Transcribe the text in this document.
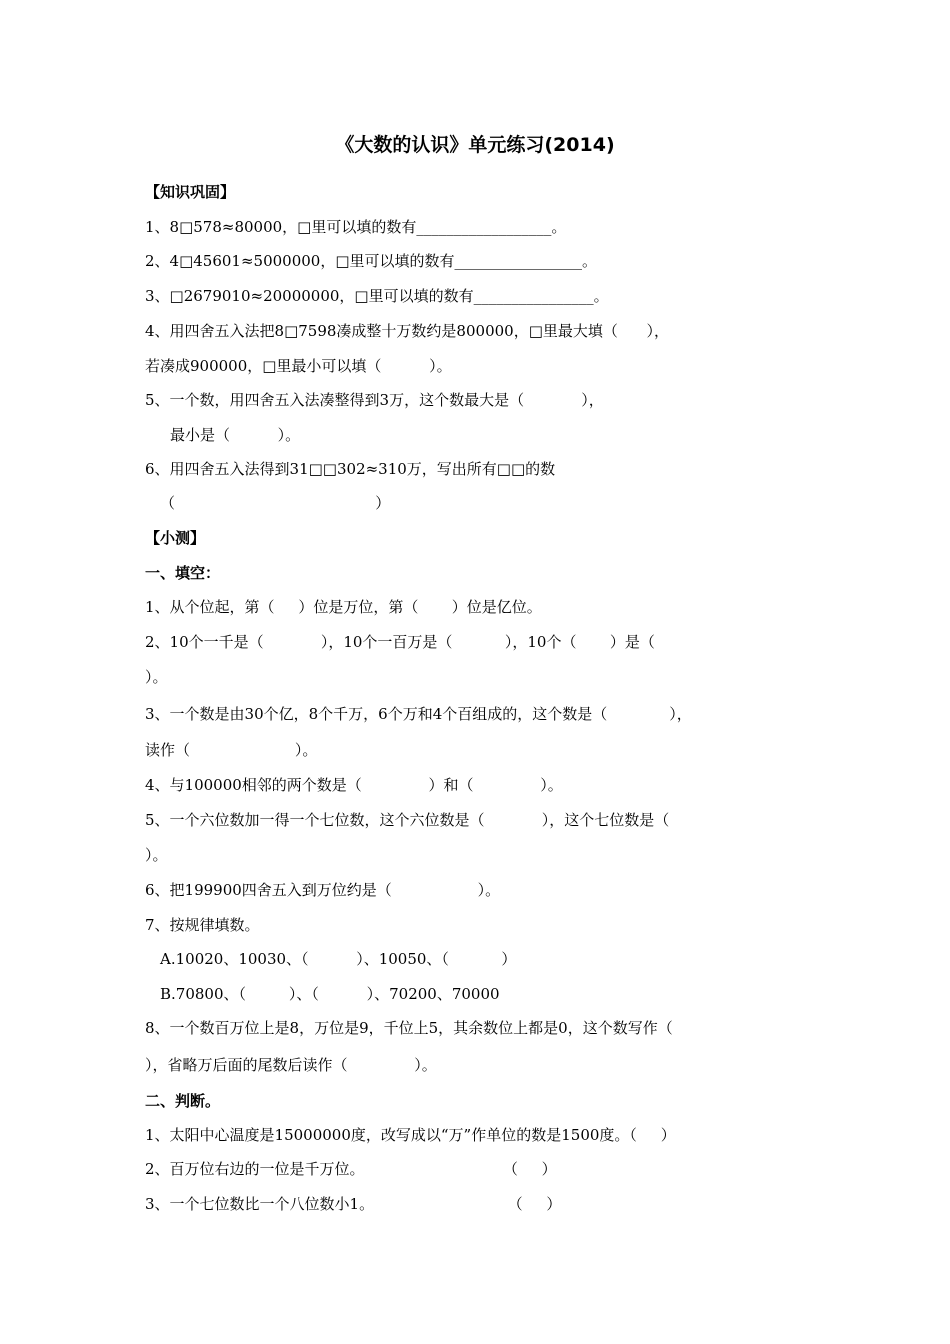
《大数的认识》单元练习(2014)
【知识巩固】
1、8□578≈80000，□里可以填的数有__________________。
2、4□45601≈5000000，□里可以填的数有_________________。
3、□2679010≈20000000，□里可以填的数有________________。
4、用四舍五入法把8□7598凑成整十万数约是800000，□里最大填（      ），
若凑成900000，□里最小可以填（          ）。
5、一个数，用四舍五入法凑整得到3万，这个数最大是（            ），
最小是（          ）。
6、用四舍五入法得到31□□302≈310万，写出所有□□的数
（                                          ）
【小测】
一、填空：
1、从个位起，第（     ）位是万位，第（       ）位是亿位。
2、10个一千是（            ），10个一百万是（           ），10个（       ）是（
）。
3、一个数是由30个亿，8个千万，6个万和4个百组成的，这个数是（             ），
读作（                      ）。
4、与100000相邻的两个数是（              ）和（              ）。
5、一个六位数加一得一个七位数，这个六位数是（            ），这个七位数是（
）。
6、把199900四舍五入到万位约是（                  ）。
7、按规律填数。
A.10020、10030、（          ）、10050、（           ）
B.70800、（         ）、（          ）、70200、70000
8、一个数百万位上是8，万位是9，千位上5，其余数位上都是0，这个数写作（
），省略万后面的尾数后读作（              ）。
二、判断。
1、太阳中心温度是15000000度，改写成以“万”作单位的数是1500度。（     ）
2、百万位右边的一位是千万位。                             （     ）
3、一个七位数比一个八位数小1。                            （     ）
